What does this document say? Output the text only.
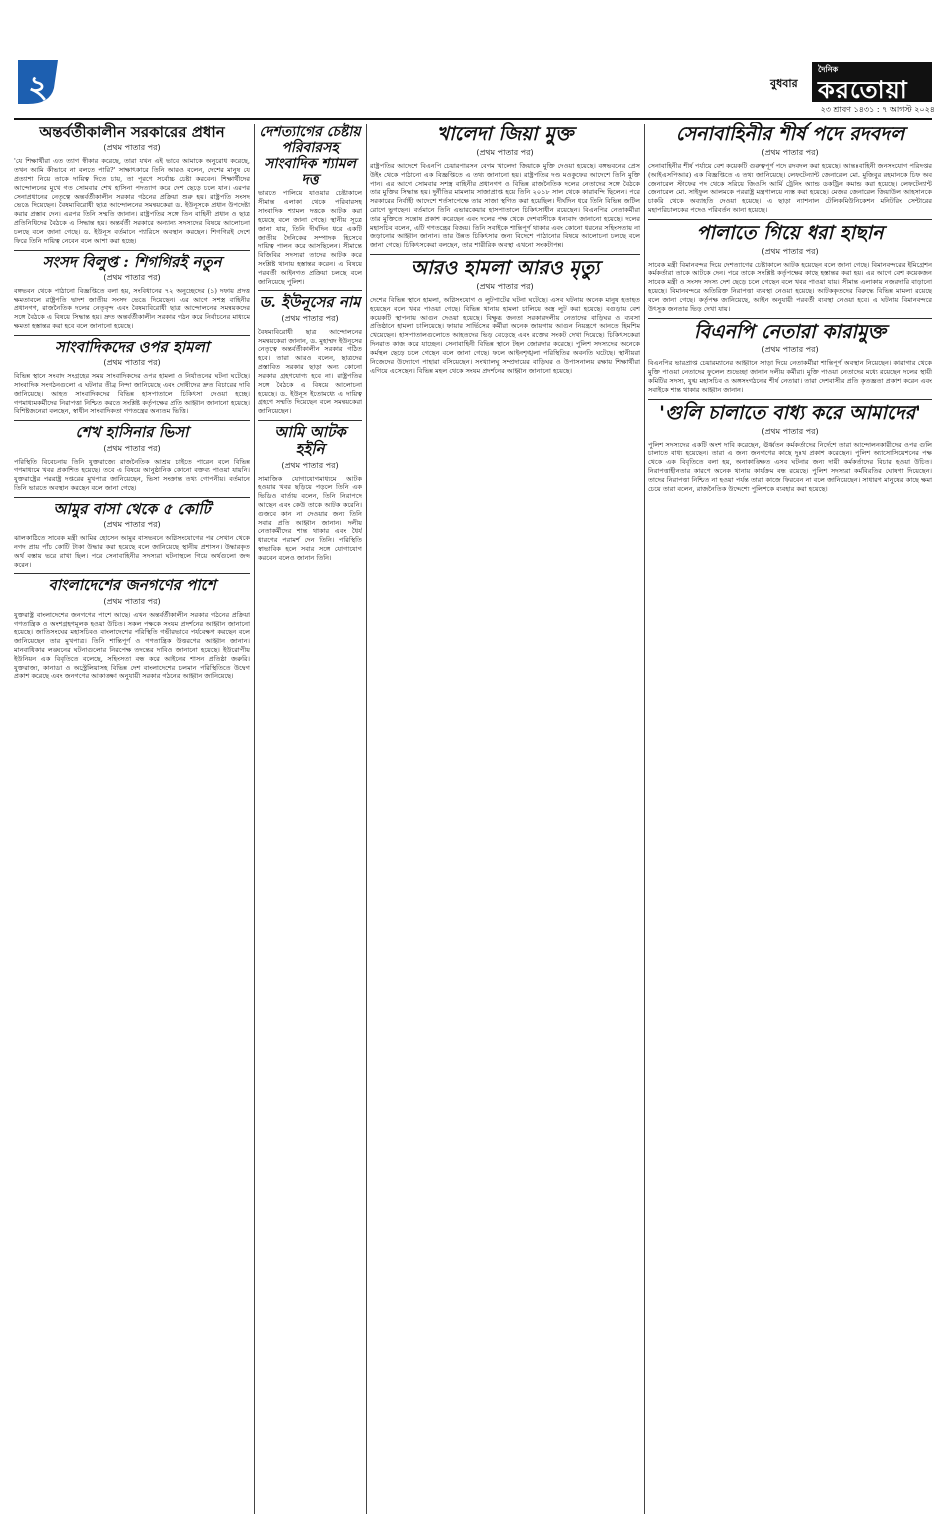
২	বুধবার
দৈনিক
করতোয়া
২৩ শ্রাবণ ১৪৩১ : ৭ আগস্ট ২০২৪
অন্তর্বর্তীকালীন সরকারের প্রধান
(প্রথম পাতার পর)

'যে শিক্ষার্থীরা এত ত্যাগ স্বীকার করেছে, তারা যখন এই ভাবে আমাকে অনুরোধ করেছে, তখন আমি কীভাবে না বলতে পারি?' সাক্ষাৎকারে তিনি আরও বলেন, দেশের মানুষ যে প্রত্যাশা নিয়ে তাকে দায়িত্ব দিতে চায়, তা পূরণে সর্বোচ্চ চেষ্টা করবেন। শিক্ষার্থীদের আন্দোলনের মুখে গত সোমবার শেখ হাসিনা পদত্যাগ করে দেশ ছেড়ে চলে যান। এরপর সেনাপ্রধানের নেতৃত্বে অন্তর্বর্তীকালীন সরকার গঠনের প্রক্রিয়া শুরু হয়। রাষ্ট্রপতি সংসদ ভেঙে দিয়েছেন। বৈষম্যবিরোধী ছাত্র আন্দোলনের সমন্বয়কেরা ড. ইউনূসকে প্রধান উপদেষ্টা করার প্রস্তাব দেন। এরপর তিনি সম্মতি জানান। রাষ্ট্রপতির সঙ্গে তিন বাহিনী প্রধান ও ছাত্র প্রতিনিধিদের বৈঠকে এ সিদ্ধান্ত হয়। অন্তর্বর্তী সরকারে অন্যান্য সদস্যদের বিষয়ে আলোচনা চলছে বলে জানা গেছে। ড. ইউনূস বর্তমানে প্যারিসে অবস্থান করছেন। শিগগিরই দেশে ফিরে তিনি দায়িত্ব নেবেন বলে আশা করা হচ্ছে।

সংসদ বিলুপ্ত : শিগগিরই নতুন
(প্রথম পাতার পর)

বঙ্গভবন থেকে পাঠানো বিজ্ঞপ্তিতে বলা হয়, সংবিধানের ৭২ অনুচ্ছেদের (১) দফায় প্রদত্ত ক্ষমতাবলে রাষ্ট্রপতি দ্বাদশ জাতীয় সংসদ ভেঙে দিয়েছেন। এর আগে সশস্ত্র বাহিনীর প্রধানগণ, রাজনৈতিক দলের নেতৃবৃন্দ এবং বৈষম্যবিরোধী ছাত্র আন্দোলনের সমন্বয়কদের সঙ্গে বৈঠকে এ বিষয়ে সিদ্ধান্ত হয়। দ্রুত অন্তর্বর্তীকালীন সরকার গঠন করে নির্বাচনের মাধ্যমে ক্ষমতা হস্তান্তর করা হবে বলে জানানো হয়েছে।

সাংবাদিকদের ওপর হামলা
(প্রথম পাতার পর)

বিভিন্ন স্থানে সংবাদ সংগ্রহের সময় সাংবাদিকদের ওপর হামলা ও নির্যাতনের ঘটনা ঘটেছে। সাংবাদিক সংগঠনগুলো এ ঘটনার তীব্র নিন্দা জানিয়েছে এবং দোষীদের দ্রুত বিচারের দাবি জানিয়েছে। আহত সাংবাদিকদের বিভিন্ন হাসপাতালে চিকিৎসা দেওয়া হচ্ছে। গণমাধ্যমকর্মীদের নিরাপত্তা নিশ্চিত করতে সংশ্লিষ্ট কর্তৃপক্ষের প্রতি আহ্বান জানানো হয়েছে। বিশিষ্টজনেরা বলছেন, স্বাধীন সাংবাদিকতা গণতন্ত্রের অন্যতম ভিত্তি।

শেখ হাসিনার ভিসা
(প্রথম পাতার পর)

পরিস্থিতি বিবেচনায় তিনি যুক্তরাজ্যে রাজনৈতিক আশ্রয় চাইতে পারেন বলে বিভিন্ন গণমাধ্যমে খবর প্রকাশিত হয়েছে। তবে এ বিষয়ে আনুষ্ঠানিক কোনো বক্তব্য পাওয়া যায়নি। যুক্তরাষ্ট্রের পররাষ্ট্র দপ্তরের মুখপাত্র জানিয়েছেন, ভিসা সংক্রান্ত তথ্য গোপনীয়। বর্তমানে তিনি ভারতে অবস্থান করছেন বলে জানা গেছে।

আমুর বাসা থেকে ৫ কোটি
(প্রথম পাতার পর)

ঝালকাঠিতে সাবেক মন্ত্রী আমির হোসেন আমুর বাসভবনে অগ্নিসংযোগের পর সেখান থেকে নগদ প্রায় পাঁচ কোটি টাকা উদ্ধার করা হয়েছে বলে জানিয়েছে স্থানীয় প্রশাসন। উদ্ধারকৃত অর্থ বস্তায় ভরে রাখা ছিল। পরে সেনাবাহিনীর সদস্যরা ঘটনাস্থলে গিয়ে অর্থগুলো জব্দ করেন।

বাংলাদেশের জনগণের পাশে
(প্রথম পাতার পর)

যুক্তরাষ্ট্র বাংলাদেশের জনগণের পাশে আছে। এখন অন্তর্বর্তীকালীন সরকার গঠনের প্রক্রিয়া গণতান্ত্রিক ও অংশগ্রহণমূলক হওয়া উচিত। সকল পক্ষকে সংযম প্রদর্শনের আহ্বান জানানো হয়েছে। জাতিসংঘের মহাসচিবও বাংলাদেশের পরিস্থিতি গভীরভাবে পর্যবেক্ষণ করছেন বলে জানিয়েছেন তার মুখপাত্র। তিনি শান্তিপূর্ণ ও গণতান্ত্রিক উত্তরণের আহ্বান জানান। মানবাধিকার লঙ্ঘনের ঘটনাগুলোর নিরপেক্ষ তদন্তের দাবিও জানানো হয়েছে। ইউরোপীয় ইউনিয়ন এক বিবৃতিতে বলেছে, সহিংসতা বন্ধ করে আইনের শাসন প্রতিষ্ঠা জরুরি। যুক্তরাজ্য, কানাডা ও অস্ট্রেলিয়াসহ বিভিন্ন দেশ বাংলাদেশের চলমান পরিস্থিতিতে উদ্বেগ প্রকাশ করেছে এবং জনগণের আকাঙ্ক্ষা অনুযায়ী সরকার গঠনের আহ্বান জানিয়েছে।

দেশত্যাগের চেষ্টায় পরিবারসহ সাংবাদিক শ্যামল দত্ত

ভারতে পালিয়ে যাওয়ার চেষ্টাকালে সীমান্ত এলাকা থেকে পরিবারসহ সাংবাদিক শ্যামল দত্তকে আটক করা হয়েছে বলে জানা গেছে। স্থানীয় সূত্রে জানা যায়, তিনি দীর্ঘদিন ধরে একটি জাতীয় দৈনিকের সম্পাদক হিসেবে দায়িত্ব পালন করে আসছিলেন। সীমান্তে বিজিবির সদস্যরা তাদের আটক করে সংশ্লিষ্ট থানায় হস্তান্তর করেন। এ বিষয়ে পরবর্তী আইনগত প্রক্রিয়া চলছে বলে জানিয়েছে পুলিশ।

ড. ইউনূসের নাম
(প্রথম পাতার পর)

বৈষম্যবিরোধী ছাত্র আন্দোলনের সমন্বয়কেরা জানান, ড. মুহাম্মদ ইউনূসের নেতৃত্বে অন্তর্বর্তীকালীন সরকার গঠিত হবে। তারা আরও বলেন, ছাত্রদের প্রস্তাবিত সরকার ছাড়া অন্য কোনো সরকার গ্রহণযোগ্য হবে না। রাষ্ট্রপতির সঙ্গে বৈঠকে এ বিষয়ে আলোচনা হয়েছে। ড. ইউনূস ইতোমধ্যে এ দায়িত্ব গ্রহণে সম্মতি দিয়েছেন বলে সমন্বয়কেরা জানিয়েছেন।

আমি আটক হইনি
(প্রথম পাতার পর)

সামাজিক যোগাযোগমাধ্যমে আটক হওয়ার খবর ছড়িয়ে পড়লে তিনি এক ভিডিও বার্তায় বলেন, তিনি নিরাপদে আছেন এবং কেউ তাকে আটক করেনি। গুজবে কান না দেওয়ার জন্য তিনি সবার প্রতি আহ্বান জানান। দলীয় নেতাকর্মীদের শান্ত থাকার এবং ধৈর্য ধারণের পরামর্শ দেন তিনি। পরিস্থিতি স্বাভাবিক হলে সবার সঙ্গে যোগাযোগ করবেন বলেও জানান তিনি।

খালেদা জিয়া মুক্ত
(প্রথম পাতার পর)

রাষ্ট্রপতির আদেশে বিএনপি চেয়ারপারসন বেগম খালেদা জিয়াকে মুক্তি দেওয়া হয়েছে। বঙ্গভবনের প্রেস উইং থেকে পাঠানো এক বিজ্ঞপ্তিতে এ তথ্য জানানো হয়। রাষ্ট্রপতির দণ্ড মওকুফের আদেশে তিনি মুক্তি পান। এর আগে সোমবার সশস্ত্র বাহিনীর প্রধানগণ ও বিভিন্ন রাজনৈতিক দলের নেতাদের সঙ্গে বৈঠকে তার মুক্তির সিদ্ধান্ত হয়। দুর্নীতির মামলায় সাজাপ্রাপ্ত হয়ে তিনি ২০১৮ সাল থেকে কারাবন্দি ছিলেন। পরে সরকারের নির্বাহী আদেশে শর্তসাপেক্ষে তার সাজা স্থগিত করা হয়েছিল। দীর্ঘদিন ধরে তিনি বিভিন্ন জটিল রোগে ভুগছেন। বর্তমানে তিনি এভারকেয়ার হাসপাতালে চিকিৎসাধীন রয়েছেন। বিএনপির নেতাকর্মীরা তার মুক্তিতে সন্তোষ প্রকাশ করেছেন এবং দলের পক্ষ থেকে দেশবাসীকে ধন্যবাদ জানানো হয়েছে। দলের মহাসচিব বলেন, এটি গণতন্ত্রের বিজয়। তিনি সবাইকে শান্তিপূর্ণ থাকার এবং কোনো ধরনের সহিংসতায় না জড়ানোর আহ্বান জানান। তার উন্নত চিকিৎসার জন্য বিদেশে পাঠানোর বিষয়ে আলোচনা চলছে বলে জানা গেছে। চিকিৎসকেরা বলছেন, তার শারীরিক অবস্থা এখনো সংকটাপন্ন।

আরও হামলা আরও মৃত্যু
(প্রথম পাতার পর)

দেশের বিভিন্ন স্থানে হামলা, অগ্নিসংযোগ ও লুটপাটের ঘটনা ঘটেছে। এসব ঘটনায় অনেক মানুষ হতাহত হয়েছেন বলে খবর পাওয়া গেছে। বিভিন্ন থানায় হামলা চালিয়ে অস্ত্র লুট করা হয়েছে। বগুড়ায় বেশ কয়েকটি স্থাপনায় আগুন দেওয়া হয়েছে। বিক্ষুব্ধ জনতা সরকারদলীয় নেতাদের বাড়িঘর ও ব্যবসা প্রতিষ্ঠানে হামলা চালিয়েছে। ফায়ার সার্ভিসের কর্মীরা অনেক জায়গায় আগুন নিয়ন্ত্রণে আনতে হিমশিম খেয়েছেন। হাসপাতালগুলোতে আহতদের ভিড় বেড়েছে এবং রক্তের সংকট দেখা দিয়েছে। চিকিৎসকেরা দিনরাত কাজ করে যাচ্ছেন। সেনাবাহিনী বিভিন্ন স্থানে টহল জোরদার করেছে। পুলিশ সদস্যদের অনেকে কর্মস্থল ছেড়ে চলে গেছেন বলে জানা গেছে। ফলে আইনশৃঙ্খলা পরিস্থিতির অবনতি ঘটেছে। স্থানীয়রা নিজেদের উদ্যোগে পাহারা বসিয়েছেন। সংখ্যালঘু সম্প্রদায়ের বাড়িঘর ও উপাসনালয় রক্ষায় শিক্ষার্থীরা এগিয়ে এসেছেন। বিভিন্ন মহল থেকে সংযম প্রদর্শনের আহ্বান জানানো হয়েছে।

সেনাবাহিনীর শীর্ষ পদে রদবদল
(প্রথম পাতার পর)

সেনাবাহিনীর শীর্ষ পর্যায়ে বেশ কয়েকটি গুরুত্বপূর্ণ পদে রদবদল করা হয়েছে। আন্তঃবাহিনী জনসংযোগ পরিদপ্তর (আইএসপিআর) এক বিজ্ঞপ্তিতে এ তথ্য জানিয়েছে। লেফটেন্যান্ট জেনারেল মো. মুজিবুর রহমানকে চিফ অব জেনারেল স্টাফের পদ থেকে সরিয়ে জিওসি আর্মি ট্রেনিং অ্যান্ড ডকট্রিন কমান্ড করা হয়েছে। লেফটেন্যান্ট জেনারেল মো. সাইফুল আলমকে পররাষ্ট্র মন্ত্রণালয়ে ন্যস্ত করা হয়েছে। মেজর জেনারেল জিয়াউল আহসানকে চাকরি থেকে অব্যাহতি দেওয়া হয়েছে। এ ছাড়া ন্যাশনাল টেলিকমিউনিকেশন মনিটরিং সেন্টারের মহাপরিচালকের পদেও পরিবর্তন আনা হয়েছে।

পালাতে গিয়ে ধরা হাছান
(প্রথম পাতার পর)

সাবেক মন্ত্রী বিমানবন্দর দিয়ে দেশত্যাগের চেষ্টাকালে আটক হয়েছেন বলে জানা গেছে। বিমানবন্দরের ইমিগ্রেশন কর্মকর্তারা তাকে আটকে দেন। পরে তাকে সংশ্লিষ্ট কর্তৃপক্ষের কাছে হস্তান্তর করা হয়। এর আগে বেশ কয়েকজন সাবেক মন্ত্রী ও সংসদ সদস্য দেশ ছেড়ে চলে গেছেন বলে খবর পাওয়া যায়। সীমান্ত এলাকায় নজরদারি বাড়ানো হয়েছে। বিমানবন্দরে অতিরিক্ত নিরাপত্তা ব্যবস্থা নেওয়া হয়েছে। আটককৃতদের বিরুদ্ধে বিভিন্ন মামলা রয়েছে বলে জানা গেছে। কর্তৃপক্ষ জানিয়েছে, আইন অনুযায়ী পরবর্তী ব্যবস্থা নেওয়া হবে। এ ঘটনায় বিমানবন্দরে উৎসুক জনতার ভিড় দেখা যায়।

বিএনপি নেতারা কারামুক্ত
(প্রথম পাতার পর)

বিএনপির ভারপ্রাপ্ত চেয়ারম্যানের আহ্বানে সাড়া দিয়ে নেতাকর্মীরা শান্তিপূর্ণ অবস্থান নিয়েছেন। কারাগার থেকে মুক্তি পাওয়া নেতাদের ফুলেল শুভেচ্ছা জানান দলীয় কর্মীরা। মুক্তি পাওয়া নেতাদের মধ্যে রয়েছেন দলের স্থায়ী কমিটির সদস্য, যুগ্ম মহাসচিব ও অঙ্গসংগঠনের শীর্ষ নেতারা। তারা দেশবাসীর প্রতি কৃতজ্ঞতা প্রকাশ করেন এবং সবাইকে শান্ত থাকার আহ্বান জানান।

'গুলি চালাতে বাধ্য করে আমাদের'
(প্রথম পাতার পর)

পুলিশ সদস্যদের একটি অংশ দাবি করেছেন, ঊর্ধ্বতন কর্মকর্তাদের নির্দেশে তারা আন্দোলনকারীদের ওপর গুলি চালাতে বাধ্য হয়েছেন। তারা এ জন্য জনগণের কাছে দুঃখ প্রকাশ করেছেন। পুলিশ অ্যাসোসিয়েশনের পক্ষ থেকে এক বিবৃতিতে বলা হয়, অনাকাঙ্ক্ষিত এসব ঘটনার জন্য দায়ী কর্মকর্তাদের বিচার হওয়া উচিত। নিরাপত্তাহীনতার কারণে অনেক থানায় কার্যক্রম বন্ধ রয়েছে। পুলিশ সদস্যরা কর্মবিরতির ঘোষণা দিয়েছেন। তাদের নিরাপত্তা নিশ্চিত না হওয়া পর্যন্ত তারা কাজে ফিরবেন না বলে জানিয়েছেন। সাধারণ মানুষের কাছে ক্ষমা চেয়ে তারা বলেন, রাজনৈতিক উদ্দেশ্যে পুলিশকে ব্যবহার করা হয়েছে।
